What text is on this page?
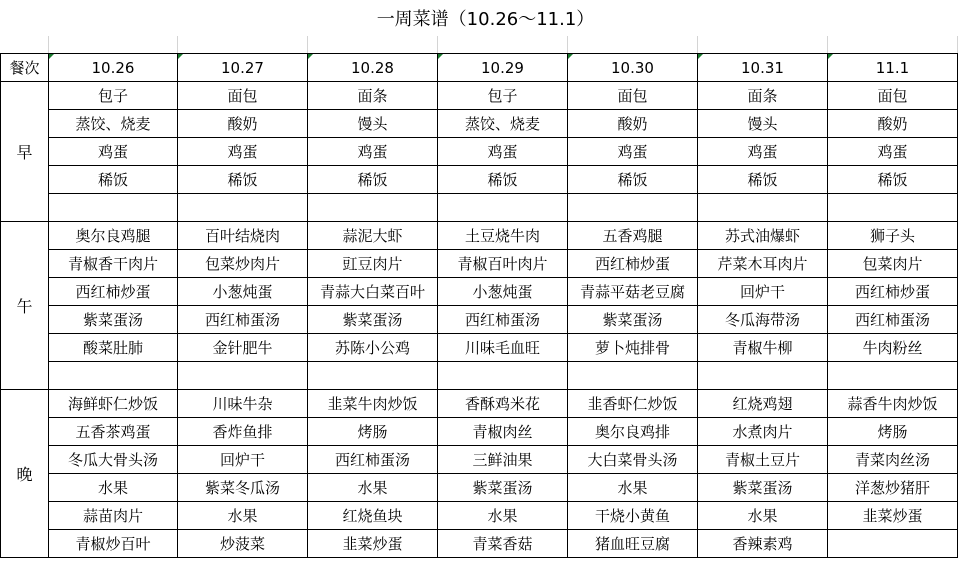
一周菜谱（10.26～11.1）
餐次	10.26	10.27	10.28	10.29	10.30	10.31	11.1
早	包子	面包	面条	包子	面包	面条	面包
	蒸饺、烧麦	酸奶	馒头	蒸饺、烧麦	酸奶	馒头	酸奶
	鸡蛋	鸡蛋	鸡蛋	鸡蛋	鸡蛋	鸡蛋	鸡蛋
	稀饭	稀饭	稀饭	稀饭	稀饭	稀饭	稀饭

午	奥尔良鸡腿	百叶结烧肉	蒜泥大虾	土豆烧牛肉	五香鸡腿	苏式油爆虾	狮子头
	青椒香干肉片	包菜炒肉片	豇豆肉片	青椒百叶肉片	西红柿炒蛋	芹菜木耳肉片	包菜肉片
	西红柿炒蛋	小葱炖蛋	青蒜大白菜百叶	小葱炖蛋	青蒜平菇老豆腐	回炉干	西红柿炒蛋
	紫菜蛋汤	西红柿蛋汤	紫菜蛋汤	西红柿蛋汤	紫菜蛋汤	冬瓜海带汤	西红柿蛋汤
	酸菜肚肺	金针肥牛	苏陈小公鸡	川味毛血旺	萝卜炖排骨	青椒牛柳	牛肉粉丝

晚	海鲜虾仁炒饭	川味牛杂	韭菜牛肉炒饭	香酥鸡米花	韭香虾仁炒饭	红烧鸡翅	蒜香牛肉炒饭
	五香茶鸡蛋	香炸鱼排	烤肠	青椒肉丝	奥尔良鸡排	水煮肉片	烤肠
	冬瓜大骨头汤	回炉干	西红柿蛋汤	三鲜油果	大白菜骨头汤	青椒土豆片	青菜肉丝汤
	水果	紫菜冬瓜汤	水果	紫菜蛋汤	水果	紫菜蛋汤	洋葱炒猪肝
	蒜苗肉片	水果	红烧鱼块	水果	干烧小黄鱼	水果	韭菜炒蛋
	青椒炒百叶	炒菠菜	韭菜炒蛋	青菜香菇	猪血旺豆腐	香辣素鸡	
